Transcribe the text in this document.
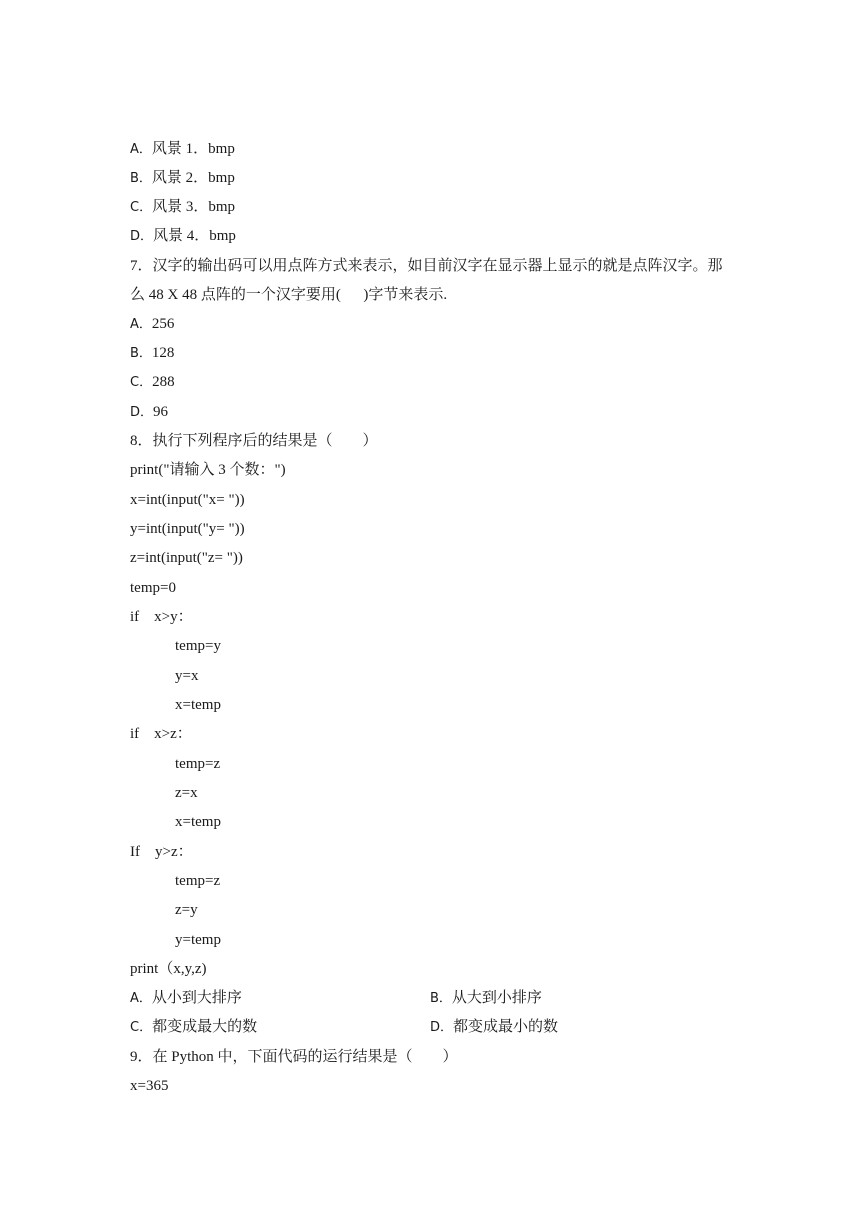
A．风景 1．bmp
B．风景 2．bmp
C．风景 3．bmp
D．风景 4．bmp
7．汉字的输出码可以用点阵方式来表示，如目前汉字在显示器上显示的就是点阵汉字。那
么 48 X 48 点阵的一个汉字要用(      )字节来表示.
A．256
B．128
C．288
D．96
8．执行下列程序后的结果是（        ）
print("请输入 3 个数：")
x=int(input("x= "))
y=int(input("y= "))
z=int(input("z= "))
temp=0
if    x>y：
temp=y
y=x
x=temp
if    x>z：
temp=z
z=x
x=temp
If    y>z：
temp=z
z=y
y=temp
print（x,y,z)
A．从小到大排序	B．从大到小排序
C．都变成最大的数	D．都变成最小的数
9．在 Python 中，下面代码的运行结果是（        ）
x=365
